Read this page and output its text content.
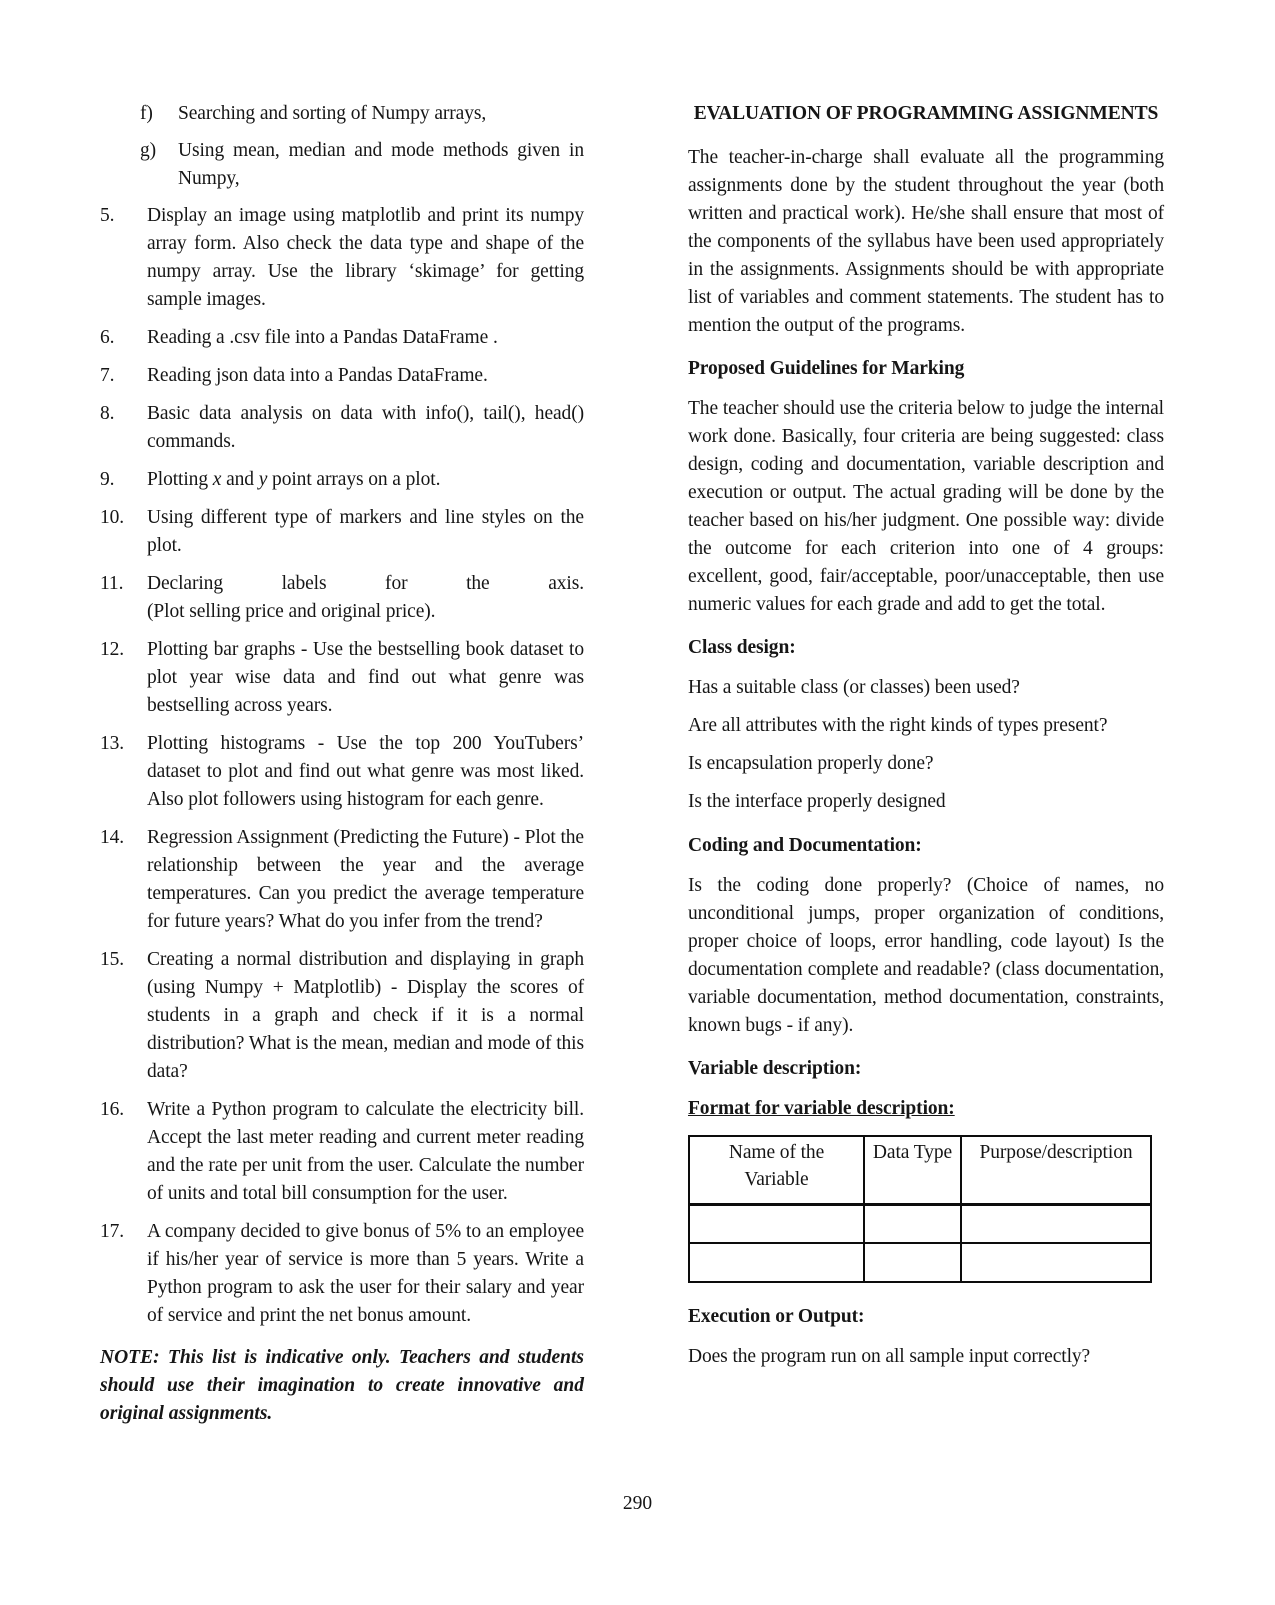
f)	Searching and sorting of Numpy arrays,
g)	Using mean, median and mode methods given in Numpy,
5.	Display an image using matplotlib and print its numpy array form. Also check the data type and shape of the numpy array. Use the library ‘skimage’ for getting sample images.
6.	Reading a .csv file into a Pandas DataFrame .
7.	Reading json data into a Pandas DataFrame.
8.	Basic data analysis on data with info(), tail(), head() commands.
9.	Plotting x and y point arrays on a plot.
10.	Using different type of markers and line styles on the plot.
11.	Declaring labels for the axis.
(Plot selling price and original price).
12.	Plotting bar graphs - Use the bestselling book dataset to plot year wise data and find out what genre was bestselling across years.
13.	Plotting histograms - Use the top 200 YouTubers’ dataset to plot and find out what genre was most liked. Also plot followers using histogram for each genre.
14.	Regression Assignment (Predicting the Future) - Plot the relationship between the year and the average temperatures. Can you predict the average temperature for future years? What do you infer from the trend?
15.	Creating a normal distribution and displaying in graph (using Numpy + Matplotlib) - Display the scores of students in a graph and check if it is a normal distribution? What is the mean, median and mode of this data?
16.	Write a Python program to calculate the electricity bill. Accept the last meter reading and current meter reading and the rate per unit from the user. Calculate the number of units and total bill consumption for the user.
17.	A company decided to give bonus of 5% to an employee if his/her year of service is more than 5 years. Write a Python program to ask the user for their salary and year of service and print the net bonus amount.
NOTE: This list is indicative only. Teachers and students should use their imagination to create innovative and original assignments.
EVALUATION OF PROGRAMMING ASSIGNMENTS
The teacher-in-charge shall evaluate all the programming assignments done by the student throughout the year (both written and practical work). He/she shall ensure that most of the components of the syllabus have been used appropriately in the assignments. Assignments should be with appropriate list of variables and comment statements. The student has to mention the output of the programs.
Proposed Guidelines for Marking
The teacher should use the criteria below to judge the internal work done. Basically, four criteria are being suggested: class design, coding and documentation, variable description and execution or output. The actual grading will be done by the teacher based on his/her judgment. One possible way: divide the outcome for each criterion into one of 4 groups: excellent, good, fair/acceptable, poor/unacceptable, then use numeric values for each grade and add to get the total.
Class design:
Has a suitable class (or classes) been used?
Are all attributes with the right kinds of types present?
Is encapsulation properly done?
Is the interface properly designed
Coding and Documentation:
Is the coding done properly? (Choice of names, no unconditional jumps, proper organization of conditions, proper choice of loops, error handling, code layout) Is the documentation complete and readable? (class documentation, variable documentation, method documentation, constraints, known bugs - if any).
Variable description:
Format for variable description:
Name of the Variable	Data Type	Purpose/description

Execution or Output:
Does the program run on all sample input correctly?
290
